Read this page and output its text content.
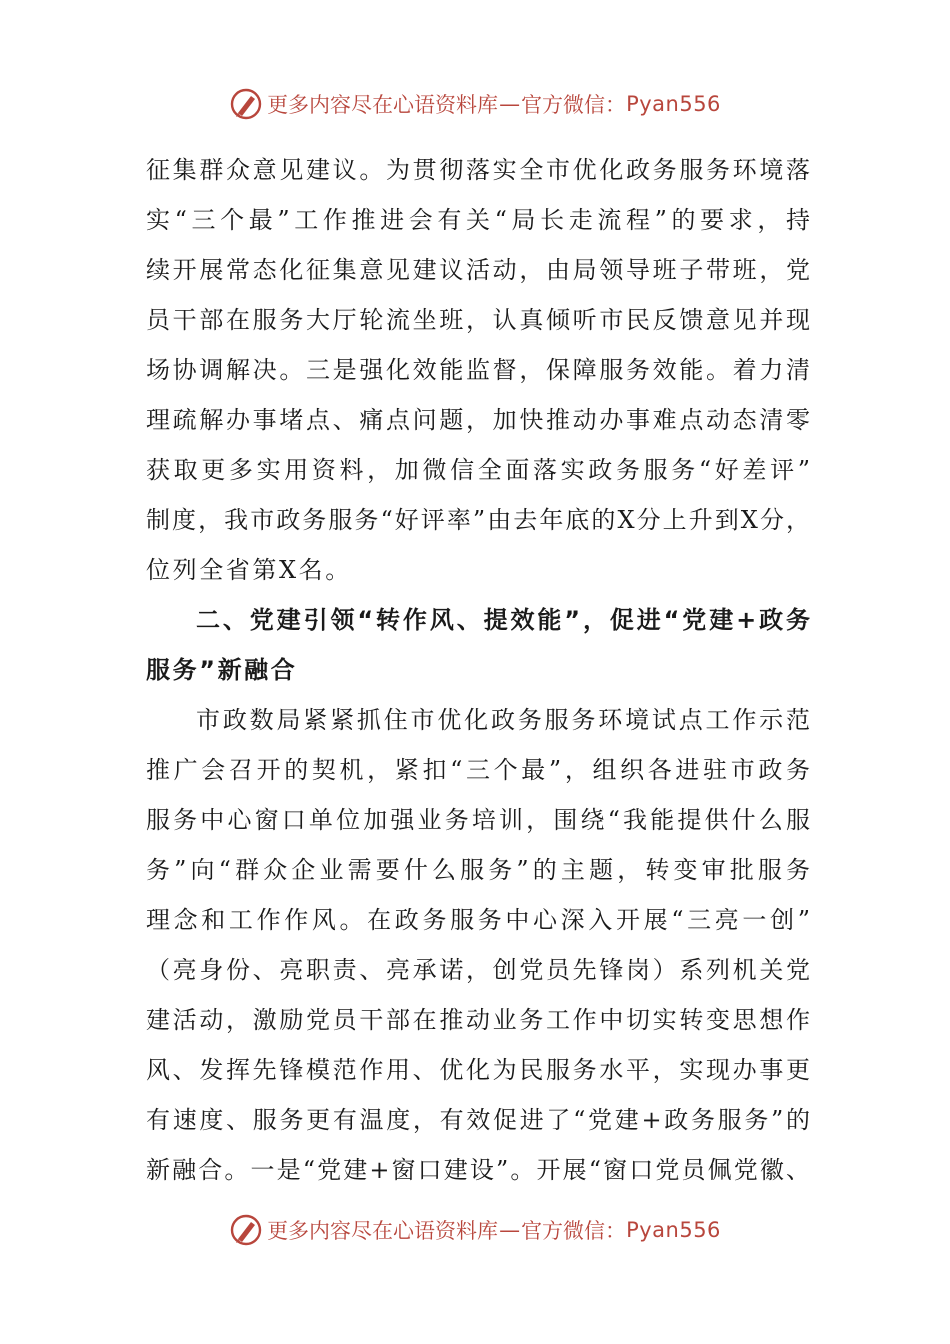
更多内容尽在心语资料库 — 官方微信： Pyan556
征集群众意见建议。为贯彻落实全市优化政务服务环境落
实“三个最”工作推进会有关“局长走流程”的要求，持
续开展常态化征集意见建议活动，由局领导班子带班，党
员干部在服务大厅轮流坐班，认真倾听市民反馈意见并现
场协调解决。三是强化效能监督，保障服务效能。着力清
理疏解办事堵点、痛点问题，加快推动办事难点动态清零
获取更多实用资料，加微信全面落实政务服务“好差评”
制度，我市政务服务“好评率”由去年底的X分上升到X分，
位列全省第X名。
二、党建引领“转作风、提效能”，促进“党建+政务
服务”新融合
市政数局紧紧抓住市优化政务服务环境试点工作示范
推广会召开的契机，紧扣“三个最”，组织各进驻市政务
服务中心窗口单位加强业务培训，围绕“我能提供什么服
务”向“群众企业需要什么服务”的主题，转变审批服务
理念和工作作风。在政务服务中心深入开展“三亮一创”
（亮身份、亮职责、亮承诺，创党员先锋岗）系列机关党
建活动，激励党员干部在推动业务工作中切实转变思想作
风、发挥先锋模范作用、优化为民服务水平，实现办事更
有速度、服务更有温度，有效促进了“党建+政务服务”的
新融合。一是“党建+窗口建设”。开展“窗口党员佩党徽、
更多内容尽在心语资料库 — 官方微信： Pyan556
